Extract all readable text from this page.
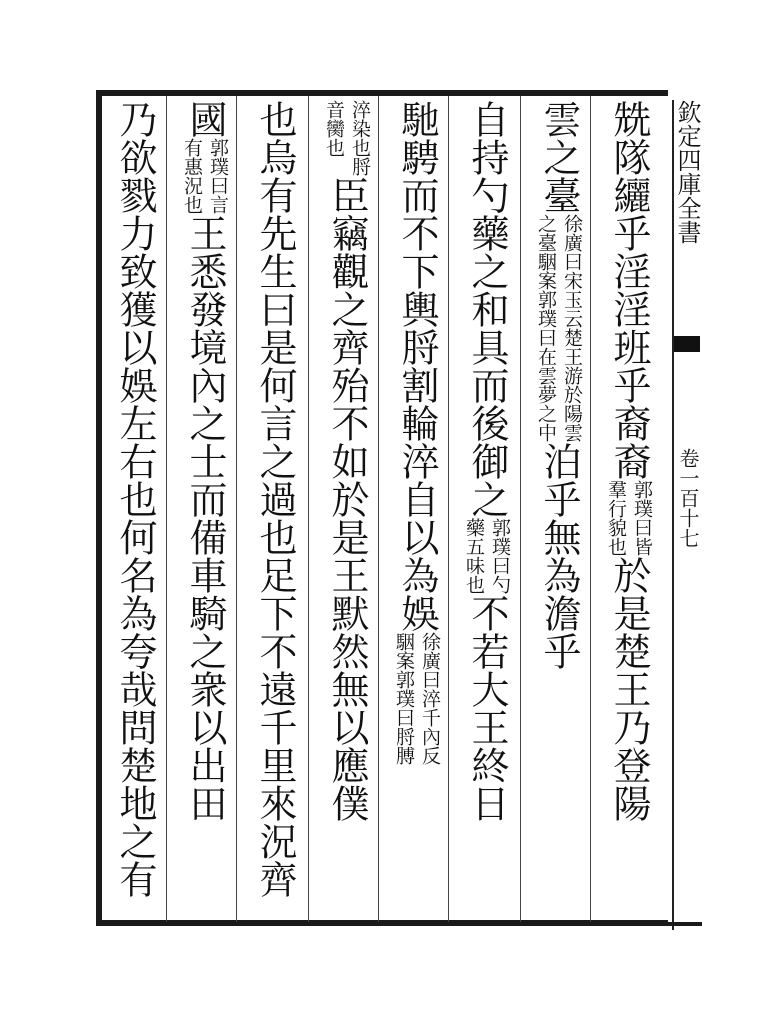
欽定四庫全書
卷一百十七
兟隊纚乎淫淫班乎裔裔
郭璞曰皆
羣行貌也
於是楚王乃登陽
雲之臺
徐廣曰宋玉云楚王游於陽雲
之臺駰案郭璞曰在雲夢之中
泊乎無為澹乎
自持勺藥之和具而後御之
郭璞曰勺
藥五味也
不若大王終日
馳騁而不下輿脟割輪淬自以為娛
徐廣曰淬千內反
駰案郭璞曰脟膊
淬染也脟
音臠也
臣竊觀之齊殆不如於是王默然無以應僕
也烏有先生曰是何言之過也足下不遠千里來況齊
國
郭璞曰言
有惠況也
王悉發境內之士而備車騎之衆以出田
乃欲戮力致獲以娛左右也何名為夸哉問楚地之有
